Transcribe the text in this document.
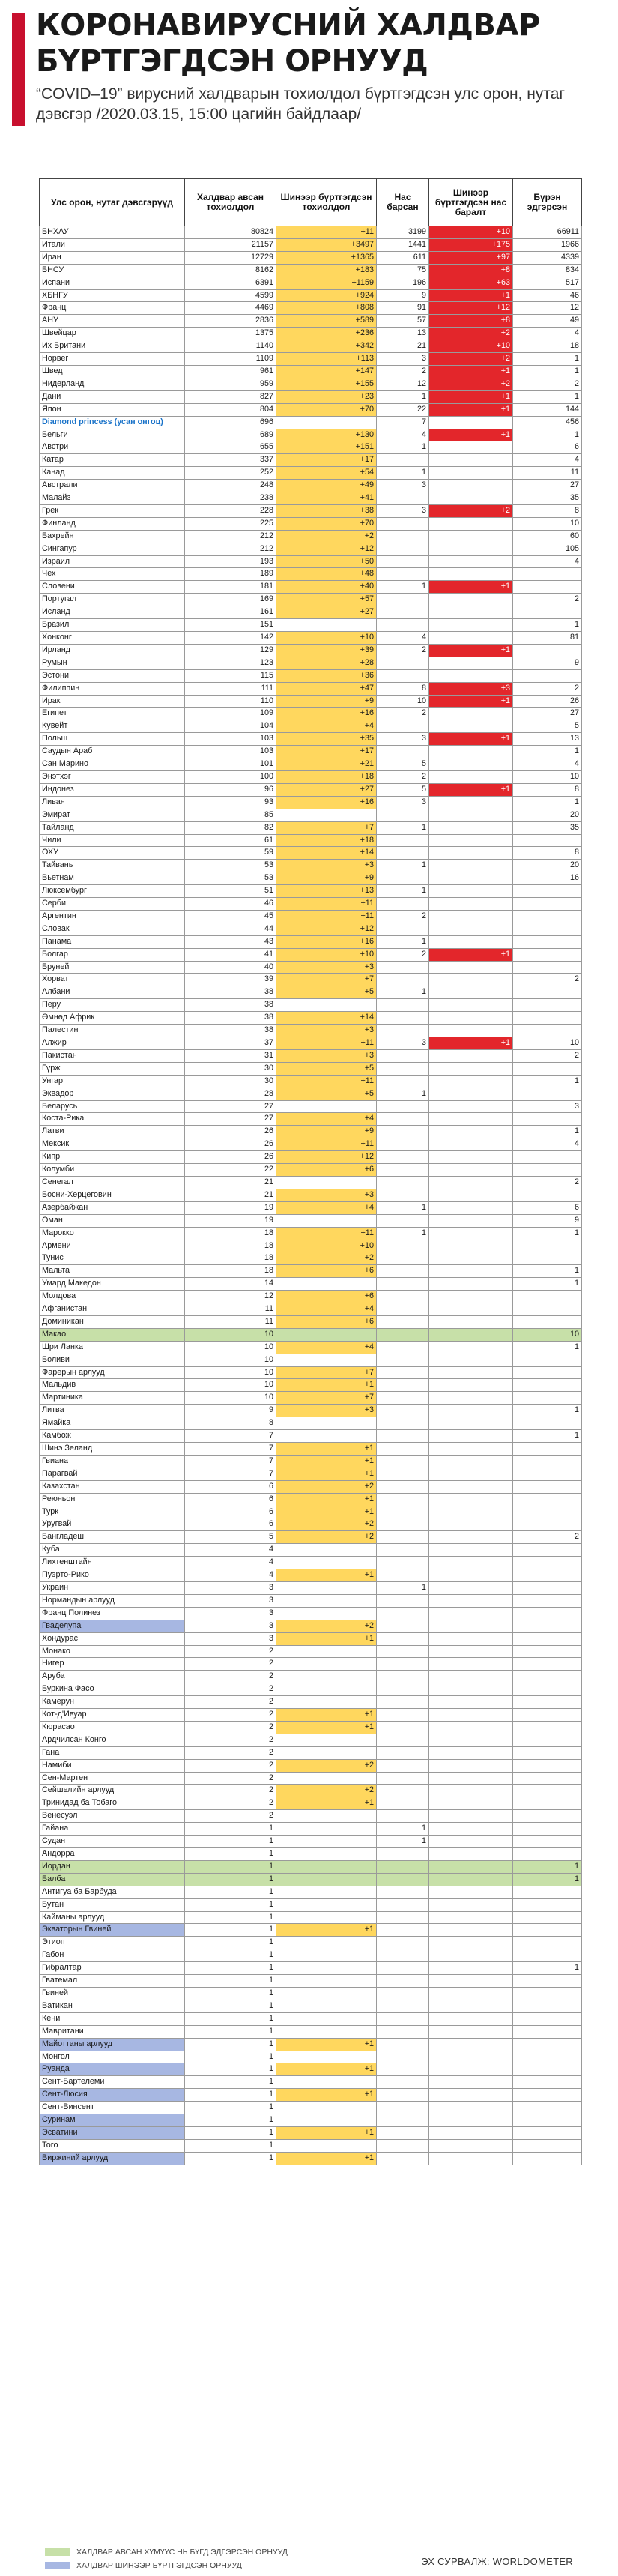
КОРОНАВИРУСНИЙ ХАЛДВАР БҮРТГЭГДСЭН ОРНУУД
“COVID–19” вирусний халдварын тохиолдол бүртгэгдсэн улс орон, нутаг дэвсгэр /2020.03.15, 15:00 цагийн байдлаар/
Улс орон, нутаг дэвсгэрүүд	Халдвар авсан тохиолдол	Шинээр бүртгэгдсэн тохиолдол	Нас барсан	Шинээр бүртгэгдсэн нас баралт	Бүрэн эдгэрсэн
БНХАУ	80824	+11	3199	+10	66911
Итали	21157	+3497	1441	+175	1966
Иран	12729	+1365	611	+97	4339
БНСУ	8162	+183	75	+8	834
Испани	6391	+1159	196	+63	517
ХБНГУ	4599	+924	9	+1	46
Франц	4469	+808	91	+12	12
АНУ	2836	+589	57	+8	49
Швейцар	1375	+236	13	+2	4
Их Британи	1140	+342	21	+10	18
Норвег	1109	+113	3	+2	1
Швед	961	+147	2	+1	1
Нидерланд	959	+155	12	+2	2
Дани	827	+23	1	+1	1
Япон	804	+70	22	+1	144
Diamond princess (усан онгоц)	696		7		456
Бельги	689	+130	4	+1	1
Австри	655	+151	1		6
Катар	337	+17			4
Канад	252	+54	1		11
Австрали	248	+49	3		27
Малайз	238	+41			35
Грек	228	+38	3	+2	8
Финланд	225	+70			10
Бахрейн	212	+2			60
Сингапур	212	+12			105
Израил	193	+50			4
Чех	189	+48			
Словени	181	+40	1	+1	
Португал	169	+57			2
Исланд	161	+27			
Бразил	151				1
Хонконг	142	+10	4		81
Ирланд	129	+39	2	+1	
Румын	123	+28			9
Эстони	115	+36			
Филиппин	111	+47	8	+3	2
Ирак	110	+9	10	+1	26
Египет	109	+16	2		27
Кувейт	104	+4			5
Польш	103	+35	3	+1	13
Саудын Араб	103	+17			1
Сан Марино	101	+21	5		4
Энэтхэг	100	+18	2		10
Индонез	96	+27	5	+1	8
Ливан	93	+16	3		1
Эмират	85				20
Тайланд	82	+7	1		35
Чили	61	+18			
ОХУ	59	+14			8
Тайвань	53	+3	1		20
Вьетнам	53	+9			16
Люксембург	51	+13	1		
Серби	46	+11			
Аргентин	45	+11	2		
Словак	44	+12			
Панама	43	+16	1		
Болгар	41	+10	2	+1	
Бруней	40	+3			
Хорват	39	+7			2
Албани	38	+5	1		
Перу	38				
Өмнөд Африк	38	+14			
Палестин	38	+3			
Алжир	37	+11	3	+1	10
Пакистан	31	+3			2
Гүрж	30	+5			
Унгар	30	+11			1
Эквадор	28	+5	1		
Беларусь	27				3
Коста-Рика	27	+4			
Латви	26	+9			1
Мексик	26	+11			4
Кипр	26	+12			
Колумби	22	+6			
Сенегал	21				2
Босни-Херцеговин	21	+3			
Азербайжан	19	+4	1		6
Оман	19				9
Марокко	18	+11	1		1
Армени	18	+10			
Тунис	18	+2			
Мальта	18	+6			1
Умард Македон	14				1
Молдова	12	+6			
Афганистан	11	+4			
Доминикан	11	+6			
Макао	10				10
Шри Ланка	10	+4			1
Боливи	10				
Фарерын арлууд	10	+7			
Мальдив	10	+1			
Мартиника	10	+7			
Литва	9	+3			1
Ямайка	8				
Камбож	7				1
Шинэ Зеланд	7	+1			
Гвиана	7	+1			
Парагвай	7	+1			
Казахстан	6	+2			
Реюньон	6	+1			
Турк	6	+1			
Уругвай	6	+2			
Бангладеш	5	+2			2
Куба	4				
Лихтенштайн	4				
Пуэрто-Рико	4	+1			
Украин	3		1		
Нормандын арлууд	3				
Франц Полинез	3				
Гваделупа	3	+2			
Хондурас	3	+1			
Монако	2				
Нигер	2				
Аруба	2				
Буркина Фасо	2				
Камерун	2				
Кот-д'Ивуар	2	+1			
Кюрасао	2	+1			
Ардчилсан Конго	2				
Гана	2				
Намиби	2	+2			
Сен-Мартен	2				
Сейшелийн арлууд	2	+2			
Тринидад ба Тобаго	2	+1			
Венесуэл	2				
Гайана	1		1		
Судан	1		1		
Андорра	1				
Иордан	1				1
Балба	1				1
Антигуа ба Барбуда	1				
Бутан	1				
Кайманы арлууд	1				
Экваторын Гвиней	1	+1			
Этиоп	1				
Габон	1				
Гибралтар	1				1
Гватемал	1				
Гвиней	1				
Ватикан	1				
Кени	1				
Мавритани	1				
Майоттаны арлууд	1	+1			
Монгол	1				
Руанда	1	+1			
Сент-Бартелеми	1				
Сент-Люсия	1	+1			
Сент-Винсент	1				
Суринам	1				
Эсватини	1	+1			
Того	1				
Виржиний арлууд	1	+1			
ХАЛДВАР АВСАН ХҮМҮҮС НЬ БҮГД ЭДГЭРСЭН ОРНУУД
ХАЛДВАР ШИНЭЭР БҮРТГЭГДСЭН ОРНУУД	ЭХ СУРВАЛЖ: WORLDOMETER
